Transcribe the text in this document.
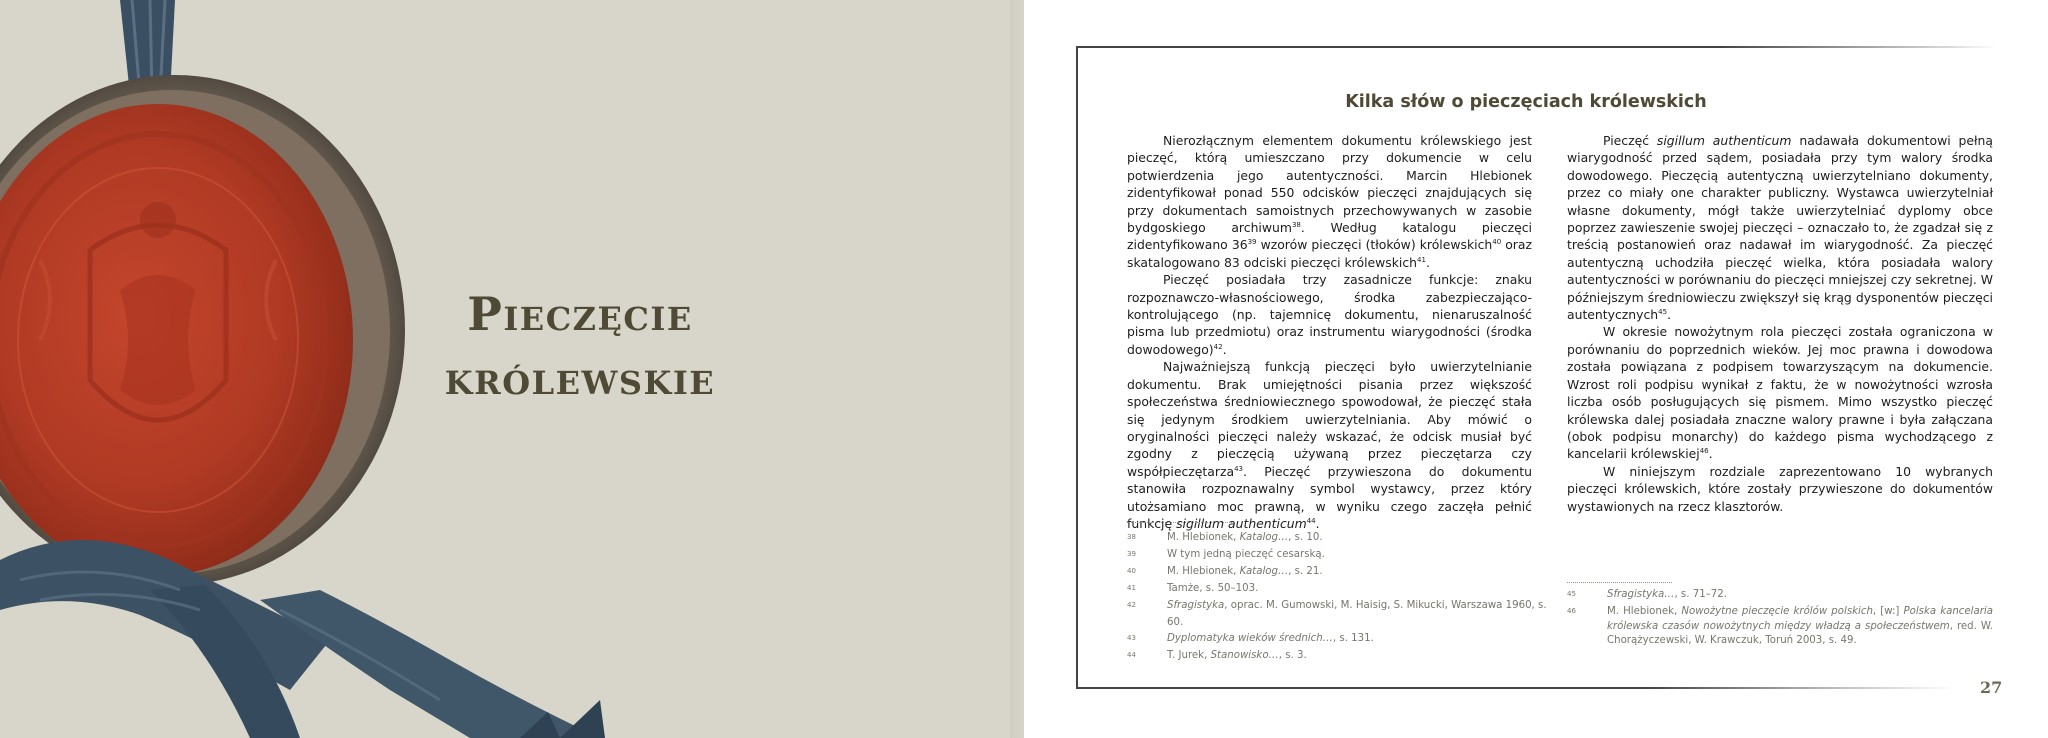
Pieczęcie
królewskie
Kilka słów o pieczęciach królewskich

Nierozłącznym elementem dokumentu królewskiego jest pieczęć, którą umieszczano przy dokumencie w celu potwierdzenia jego autentyczności. Marcin Hlebionek zidentyfikował ponad 550 odcisków pieczęci znajdujących się przy dokumentach samoistnych przechowywanych w zasobie bydgoskiego archiwum$^{38}$. Według katalogu pieczęci zidentyfikowano $36^{39}$ wzorów pieczęci (tłoków) królewskich$^{40}$ oraz skatalogowano 83 odciski pieczęci królewskich$^{41}$.

Pieczęć posiadała trzy zasadnicze funkcje: znaku rozpoznawczo-własnościowego, środka zabezpieczająco-kontrolującego (np. tajemnicę dokumentu, nienaruszalność pisma lub przedmiotu) oraz instrumentu wiarygodności (środka dowodowego)$^{42}$.

Najważniejszą funkcją pieczęci było uwierzytelnianie dokumentu. Brak umiejętności pisania przez większość społeczeństwa średniowiecznego spowodował, że pieczęć stała się jedynym środkiem uwierzytelniania. Aby mówić o oryginalności pieczęci należy wskazać, że odcisk musiał być zgodny z pieczęcią używaną przez pieczętarza czy współpieczętarza$^{43}$. Pieczęć przywieszona do dokumentu stanowiła rozpoznawalny symbol wystawcy, przez który utożsamiano moc prawną, w wyniku czego zaczęła pełnić funkcję sigillum authenticum$^{44}$.

Pieczęć sigillum authenticum nadawała dokumentowi pełną wiarygodność przed sądem, posiadała przy tym walory środka dowodowego. Pieczęcią autentyczną uwierzytelniano dokumenty, przez co miały one charakter publiczny. Wystawca uwierzytelniał własne dokumenty, mógł także uwierzytelniać dyplomy obce poprzez zawieszenie swojej pieczęci – oznaczało to, że zgadzał się z treścią postanowień oraz nadawał im wiarygodność. Za pieczęć autentyczną uchodziła pieczęć wielka, która posiadała walory autentyczności w porównaniu do pieczęci mniejszej czy sekretnej. W późniejszym średniowieczu zwiększył się krąg dysponentów pieczęci autentycznych$^{45}$.

W okresie nowożytnym rola pieczęci została ograniczona w porównaniu do poprzednich wieków. Jej moc prawna i dowodowa została powiązana z podpisem towarzyszącym na dokumencie. Wzrost roli podpisu wynikał z faktu, że w nowożytności wzrosła liczba osób posługujących się pismem. Mimo wszystko pieczęć królewska dalej posiadała znaczne walory prawne i była załączana (obok podpisu monarchy) do każdego pisma wychodzącego z kancelarii królewskiej$^{46}$.

W niniejszym rozdziale zaprezentowano 10 wybranych pieczęci królewskich, które zostały przywieszone do dokumentów wystawionych na rzecz klasztorów.

38	M. Hlebionek, Katalog…, s. 10.
39	W tym jedną pieczęć cesarską.
40	M. Hlebionek, Katalog…, s. 21.
41	Tamże, s. 50–103.
42	Sfragistyka, oprac. M. Gumowski, M. Haisig, S. Mikucki, Warszawa 1960, s. 60.
43	Dyplomatyka wieków średnich…, s. 131.
44	T. Jurek, Stanowisko…, s. 3.
45	Sfragistyka…, s. 71–72.
46	M. Hlebionek, Nowożytne pieczęcie królów polskich, [w:] Polska kancelaria królewska czasów nowożytnych między władzą a społeczeństwem, red. W. Chorążyczewski, W. Krawczuk, Toruń 2003, s. 49.
27
